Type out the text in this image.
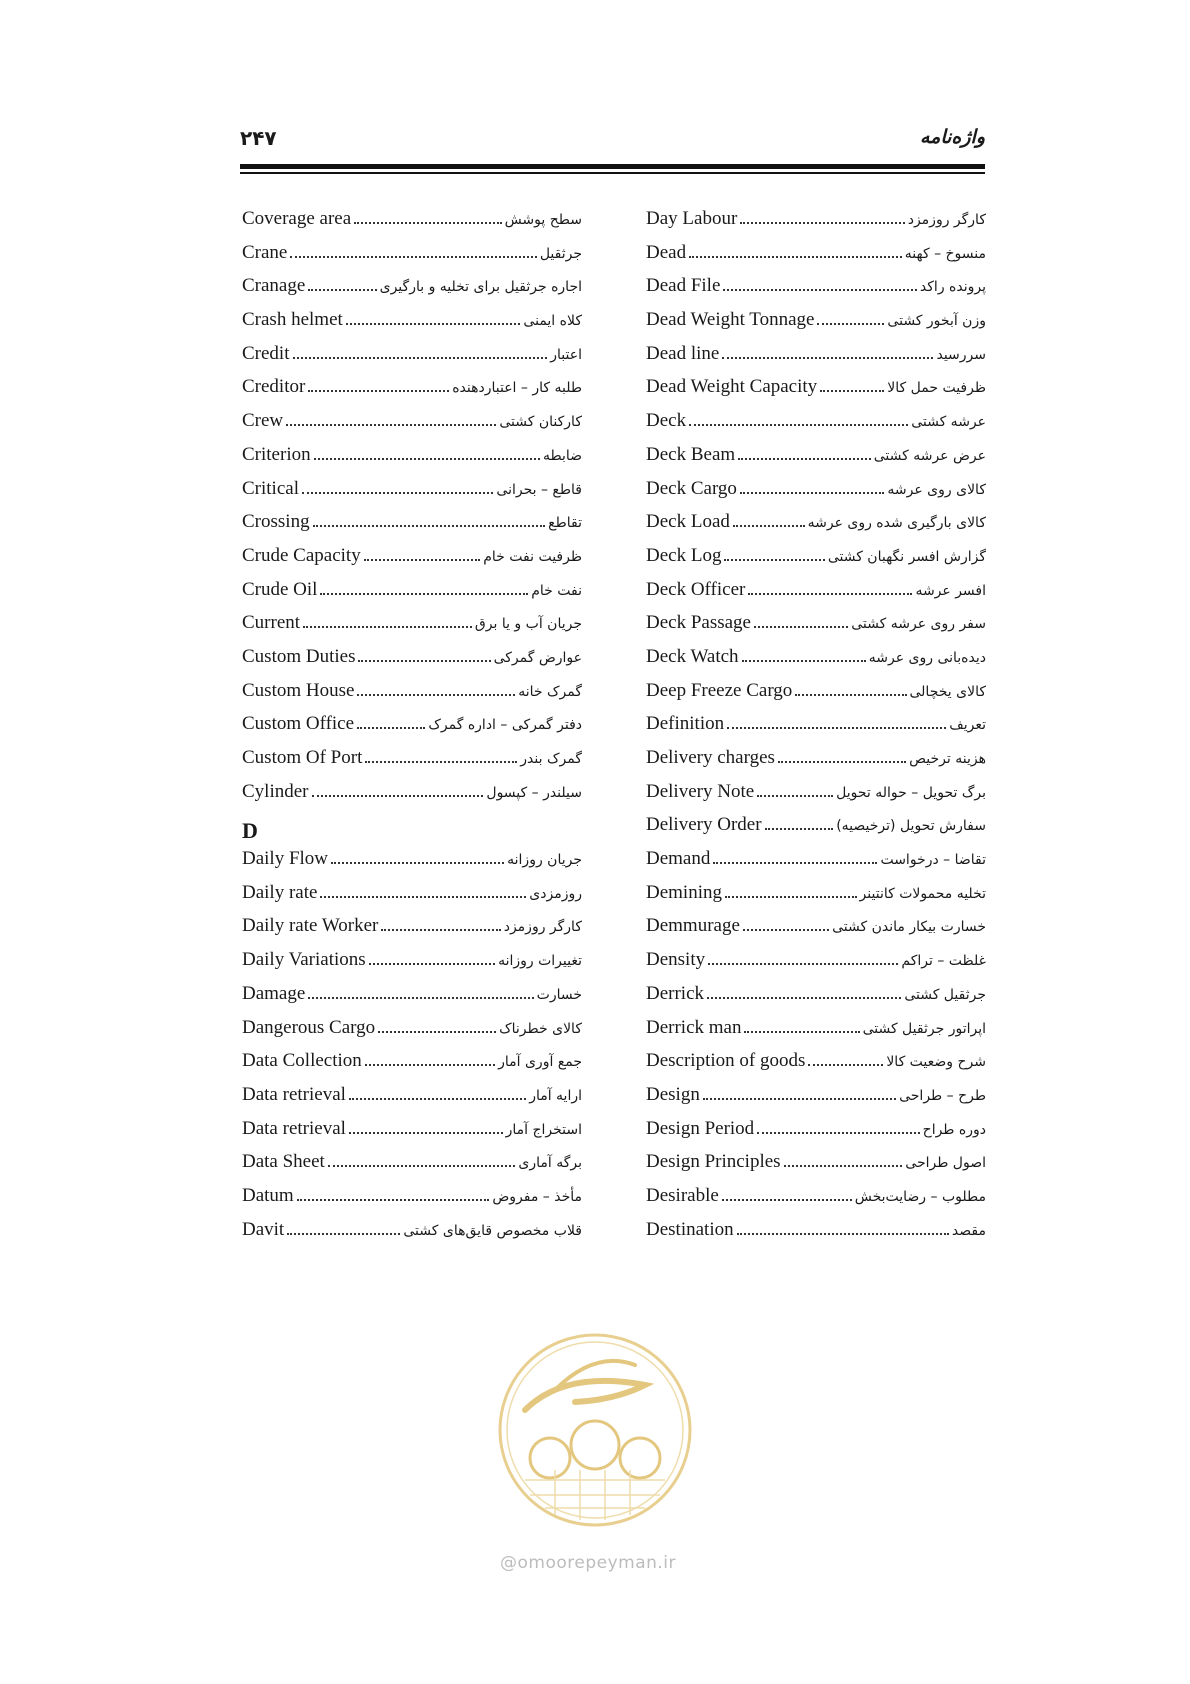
۲۴۷	واژه‌نامه
Coverage area	سطح پوشش
Crane	جرثقیل
Cranage	اجاره جرثقیل برای تخلیه و بارگیری
Crash helmet	کلاه ایمنی
Credit	اعتبار
Creditor	طلبه کار – اعتباردهنده
Crew	کارکنان کشتی
Criterion	ضابطه
Critical	قاطع – بحرانی
Crossing	تقاطع
Crude Capacity	ظرفیت نفت خام
Crude Oil	نفت خام
Current	جریان آب و یا برق
Custom Duties	عوارض گمرکی
Custom House	گمرک خانه
Custom Office	دفتر گمرکی – اداره گمرک
Custom Of Port	گمرک بندر
Cylinder	سیلندر – کپسول
D
Daily Flow	جریان روزانه
Daily rate	روزمزدی
Daily rate Worker	کارگر روزمزد
Daily Variations	تغییرات روزانه
Damage	خسارت
Dangerous Cargo	کالای خطرناک
Data Collection	جمع آوری آمار
Data retrieval	ارایه آمار
Data retrieval	استخراج آمار
Data Sheet	برگه آماری
Datum	مأخذ – مفروض
Davit	قلاب مخصوص قایق‌های کشتی
Day Labour	کارگر روزمزد
Dead	منسوخ – کهنه
Dead File	پرونده راکد
Dead Weight Tonnage	وزن آبخور کشتی
Dead line	سررسید
Dead Weight Capacity	ظرفیت حمل کالا
Deck	عرشه کشتی
Deck Beam	عرض عرشه کشتی
Deck Cargo	کالای روی عرشه
Deck Load	کالای بارگیری شده روی عرشه
Deck Log	گزارش افسر نگهبان کشتی
Deck Officer	افسر عرشه
Deck Passage	سفر روی عرشه کشتی
Deck Watch	دیده‌بانی روی عرشه
Deep Freeze Cargo	کالای یخچالی
Definition	تعریف
Delivery charges	هزینه ترخیص
Delivery Note	برگ تحویل – حواله تحویل
Delivery Order	سفارش تحویل (ترخیصیه)
Demand	تقاضا – درخواست
Demining	تخلیه محمولات کانتینر
Demmurage	خسارت بیکار ماندن کشتی
Density	غلظت – تراکم
Derrick	جرثقیل کشتی
Derrick man	اپراتور جرثقیل کشتی
Description of goods	شرح وضعیت کالا
Design	طرح – طراحی
Design Period	دوره طراح
Design Principles	اصول طراحی
Desirable	مطلوب – رضایت‌بخش
Destination	مقصد
@omoorepeyman.ir
